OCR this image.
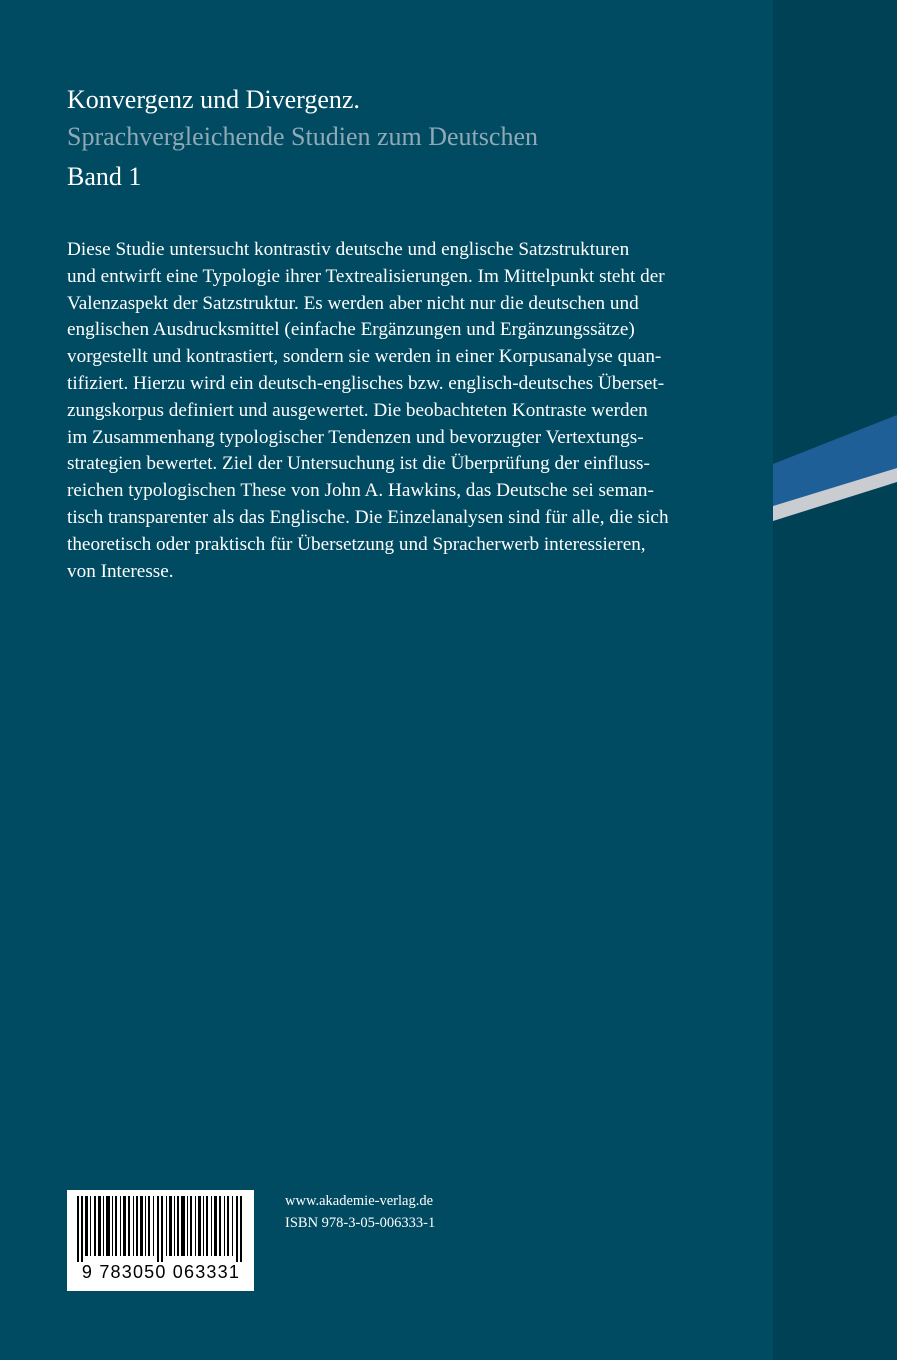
Konvergenz und Divergenz.

Sprachvergleichende Studien zum Deutschen

Band 1

Diese Studie untersucht kontrastiv deutsche und englische Satzstrukturen
und entwirft eine Typologie ihrer Textrealisierungen. Im Mittelpunkt steht der
Valenzaspekt der Satzstruktur. Es werden aber nicht nur die deutschen und
englischen Ausdrucksmittel (einfache Ergänzungen und Ergänzungssätze)
vorgestellt und kontrastiert, sondern sie werden in einer Korpusanalyse quan-
tifiziert. Hierzu wird ein deutsch-englisches bzw. englisch-deutsches Überset-
zungskorpus definiert und ausgewertet. Die beobachteten Kontraste werden
im Zusammenhang typologischer Tendenzen und bevorzugter Vertextungs-
strategien bewertet. Ziel der Untersuchung ist die Überprüfung der einfluss-
reichen typologischen These von John A. Hawkins, das Deutsche sei seman-
tisch transparenter als das Englische. Die Einzelanalysen sind für alle, die sich
theoretisch oder praktisch für Übersetzung und Spracherwerb interessieren,
von Interesse.
9 783050 063331
www.akademie-verlag.de
ISBN 978-3-05-006333-1
